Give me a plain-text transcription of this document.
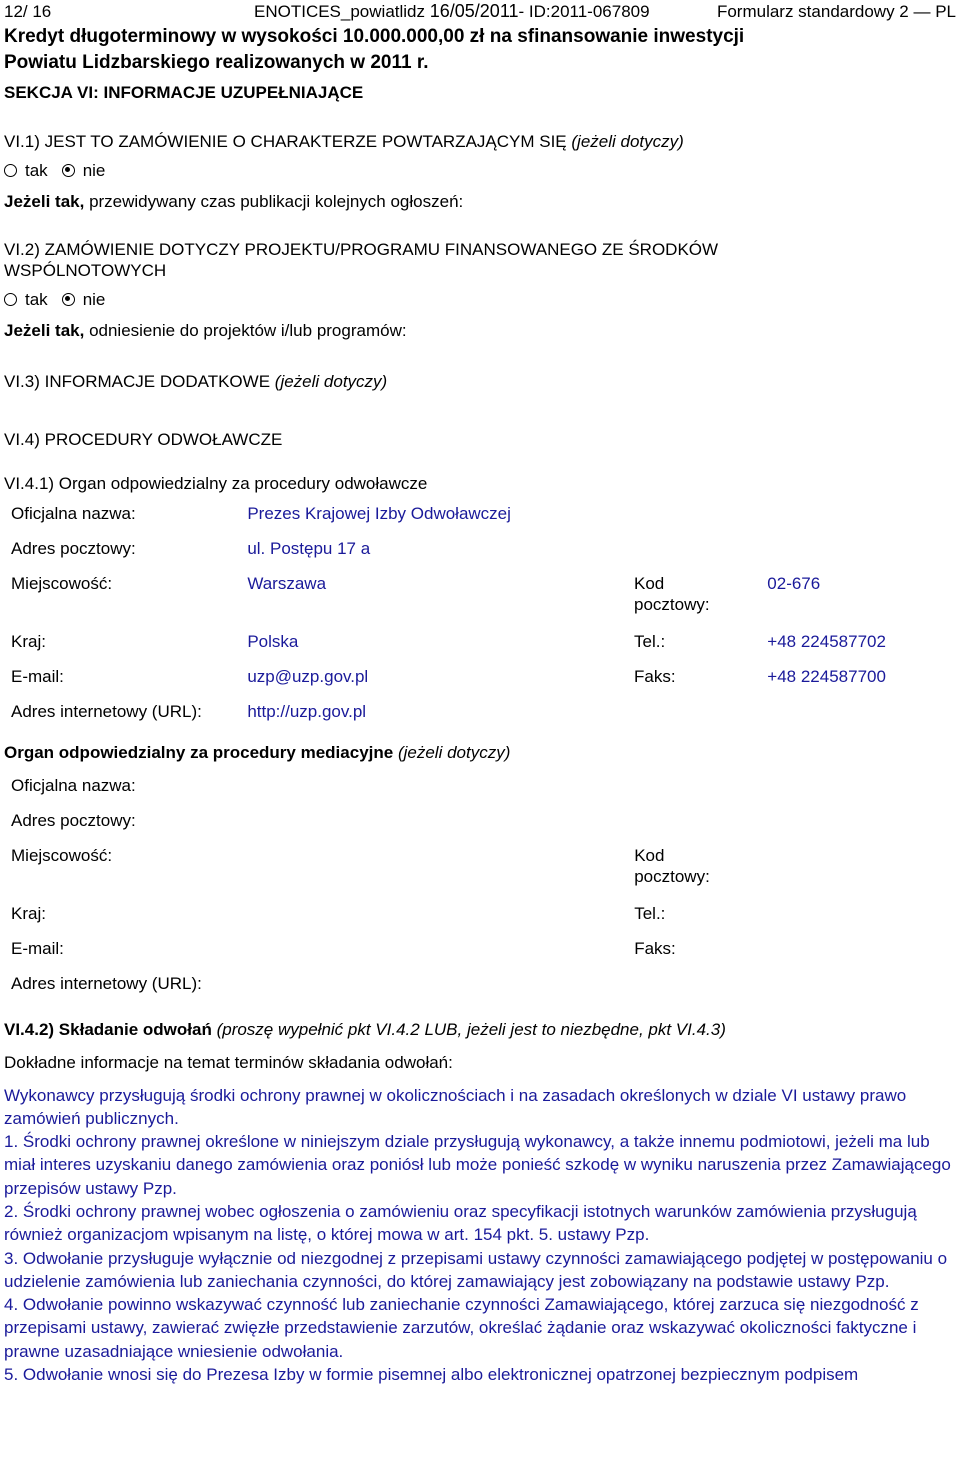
12/ 16	ENOTICES_powiatlidz 16/05/2011- ID:2011-067809	Formularz standardowy 2 — PL
Kredyt długoterminowy w wysokości 10.000.000,00 zł na sfinansowanie inwestycji
Powiatu Lidzbarskiego realizowanych w 2011 r.
SEKCJA VI: INFORMACJE UZUPEŁNIAJĄCE
VI.1) JEST TO ZAMÓWIENIE O CHARAKTERZE POWTARZAJĄCYM SIĘ (jeżeli dotyczy)
tak nie
Jeżeli tak, przewidywany czas publikacji kolejnych ogłoszeń:
VI.2) ZAMÓWIENIE DOTYCZY PROJEKTU/PROGRAMU FINANSOWANEGO ZE ŚRODKÓW
WSPÓLNOTOWYCH
tak nie
Jeżeli tak, odniesienie do projektów i/lub programów:
VI.3) INFORMACJE DODATKOWE (jeżeli dotyczy)
VI.4) PROCEDURY ODWOŁAWCZE
VI.4.1) Organ odpowiedzialny za procedury odwoławcze
Oficjalna nazwa:	Prezes Krajowej Izby Odwoławczej		
Adres pocztowy:	ul. Postępu 17 a		
Miejscowość:	Warszawa	Kod
pocztowy:	02-676
Kraj:	Polska	Tel.:	+48 224587702
E-mail:	uzp@uzp.gov.pl	Faks:	+48 224587700
Adres internetowy (URL):	http://uzp.gov.pl		
Organ odpowiedzialny za procedury mediacyjne (jeżeli dotyczy)
Oficjalna nazwa:			
Adres pocztowy:			
Miejscowość:		Kod
pocztowy:	

Kraj:		Tel.:	
E-mail:		Faks:	
Adres internetowy (URL):			
VI.4.2) Składanie odwołań (proszę wypełnić pkt VI.4.2 LUB, jeżeli jest to niezbędne, pkt VI.4.3)
Dokładne informacje na temat terminów składania odwołań:

Wykonawcy przysługują środki ochrony prawnej w okolicznościach i na zasadach określonych w dziale VI ustawy prawo zamówień publicznych.

1. Środki ochrony prawnej określone w niniejszym dziale przysługują wykonawcy, a także innemu podmiotowi, jeżeli ma lub miał interes uzyskaniu danego zamówienia oraz poniósł lub może ponieść szkodę w wyniku naruszenia przez Zamawiającego przepisów ustawy Pzp.

2. Środki ochrony prawnej wobec ogłoszenia o zamówieniu oraz specyfikacji istotnych warunków zamówienia przysługują również organizacjom wpisanym na listę, o której mowa w art. 154 pkt. 5. ustawy Pzp.

3. Odwołanie przysługuje wyłącznie od niezgodnej z przepisami ustawy czynności zamawiającego podjętej w postępowaniu o udzielenie zamówienia lub zaniechania czynności, do której zamawiający jest zobowiązany na podstawie ustawy Pzp.

4. Odwołanie powinno wskazywać czynność lub zaniechanie czynności Zamawiającego, której zarzuca się niezgodność z przepisami ustawy, zawierać zwięzłe przedstawienie zarzutów, określać żądanie oraz wskazywać okoliczności faktyczne i prawne uzasadniające wniesienie odwołania.

5. Odwołanie wnosi się do Prezesa Izby w formie pisemnej albo elektronicznej opatrzonej bezpiecznym podpisem
